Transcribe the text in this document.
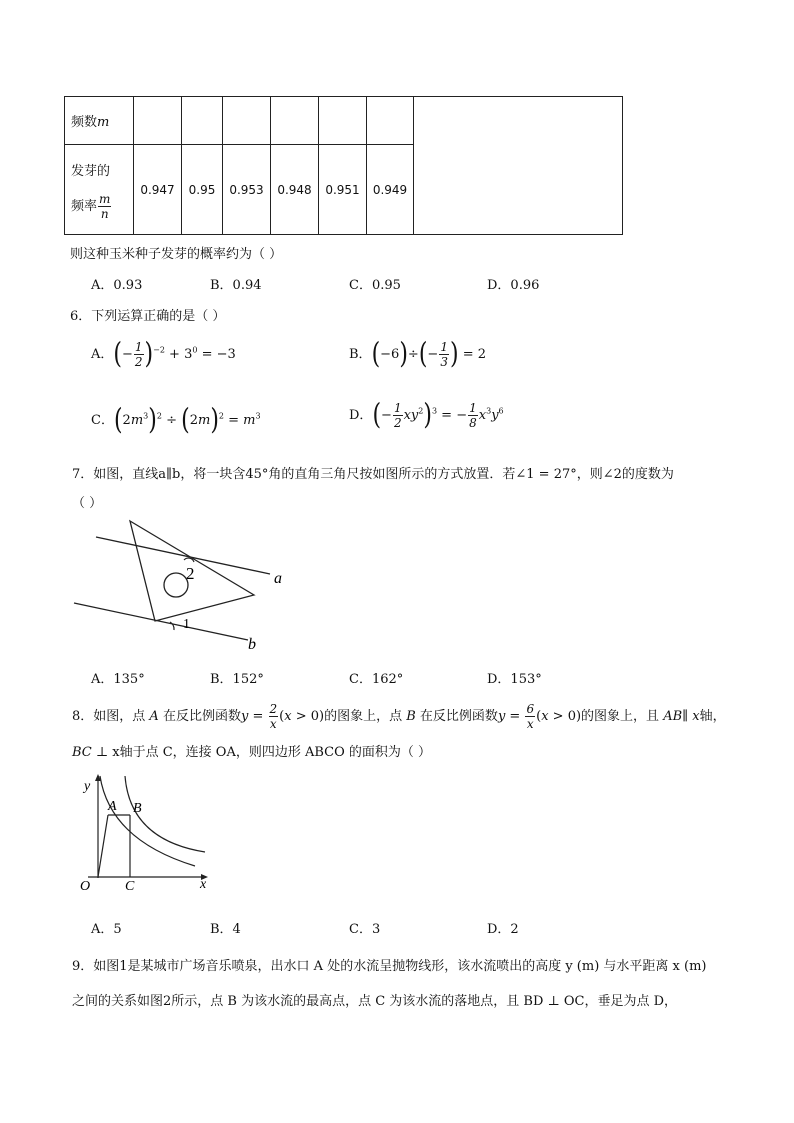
频数m							

发芽的
频率 $\frac{m}{n}$	0.947	0.95	0.953	0.948	0.951	0.949	
则这种玉米种子发芽的概率约为（ ）
A．0.93	B．0.94	C．0.95	D．0.96
6．下列运算正确的是（ ）
A．(− $\frac{1}{2} )^{-2} + 3^0 = -3$	B．$(-6)\div(- \frac{1}{3}$ ) = 2
C．$(2m^3)^2 \div (2m)^2 = m^3$	D．(− $\frac{1}{2} xy^2)^3$ = − $\frac{1}{8} x^3y^6$
7．如图，直线a∥b，将一块含45°角的直角三角尺按如图所示的方式放置．若∠1 = 27°，则∠2的度数为
（ ）
2
1
a
b
A．135°	B．152°	C．162°	D．153°
8．如图，点 A 在反比例函数$y = \frac{2}{x} (x > 0)$的图象上，点 B 在反比例函数$y = \frac{6}{x} (x > 0)$的图象上，且 AB∥ x轴，
BC ⊥ x轴于点 C，连接 OA，则四边形 ABCO 的面积为（ ）
y
x
O
A B
C
A．5	B．4	C．3	D．2
9．如图1是某城市广场音乐喷泉，出水口 A 处的水流呈抛物线形，该水流喷出的高度 y (m) 与水平距离 x (m)
之间的关系如图2所示，点 B 为该水流的最高点，点 C 为该水流的落地点，且 BD ⊥ OC，垂足为点 D，
